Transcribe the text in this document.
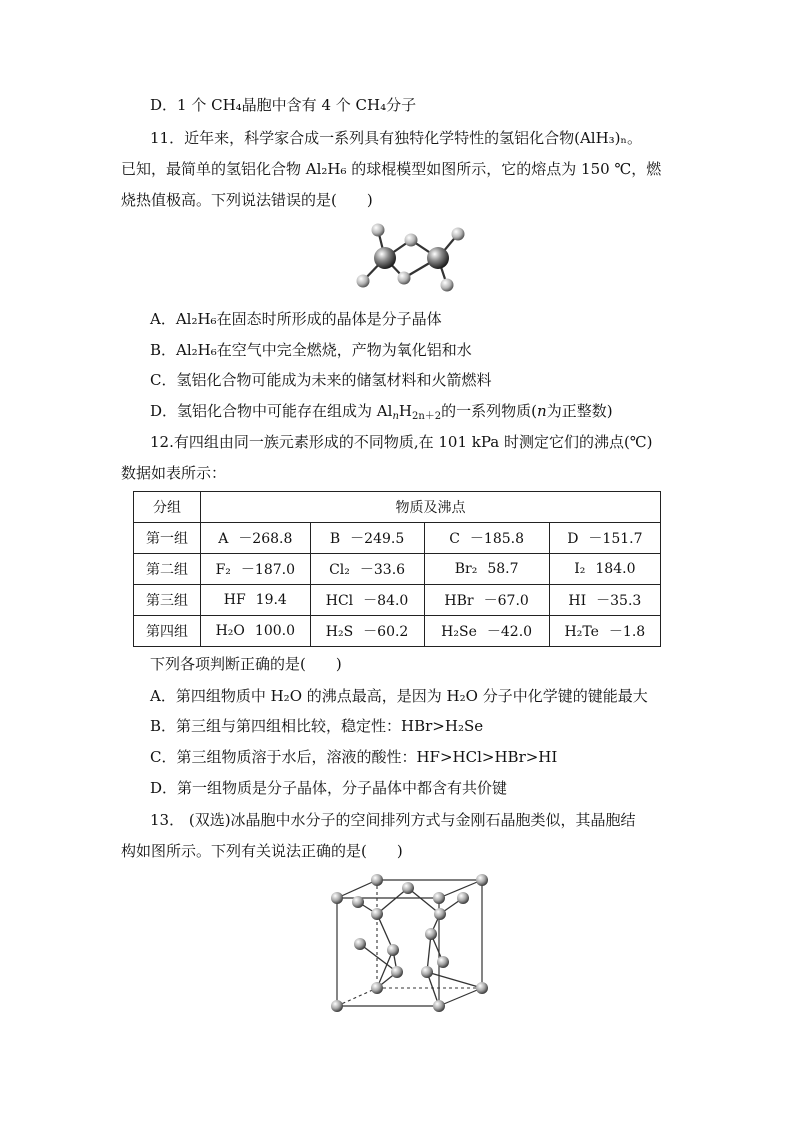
D．1 个 CH₄晶胞中含有 4 个 CH₄分子
11．近年来，科学家合成一系列具有独特化学特性的氢铝化合物(AlH₃)ₙ。
已知，最简单的氢铝化合物 Al₂H₆ 的球棍模型如图所示，它的熔点为 150 ℃，燃
烧热值极高。下列说法错误的是(　　)
A．Al₂H₆在固态时所形成的晶体是分子晶体
B．Al₂H₆在空气中完全燃烧，产物为氧化铝和水
C．氢铝化合物可能成为未来的储氢材料和火箭燃料
D．氢铝化合物中可能存在组成为 $Al_nH_{2n+2}$的一系列物质(n为正整数)
12.有四组由同一族元素形成的不同物质,在 101 kPa 时测定它们的沸点(℃)
数据如表所示：
分组	物质及沸点			
第一组	A －268.8	B －249.5	C －185.8	D －151.7
第二组	F₂ －187.0	Cl₂ －33.6	Br₂ 58.7	I₂ 184.0
第三组	HF 19.4	HCl －84.0	HBr －67.0	HI －35.3
第四组	H₂O 100.0	H₂S －60.2	H₂Se －42.0	H₂Te －1.8
下列各项判断正确的是(　　)
A．第四组物质中 H₂O 的沸点最高，是因为 H₂O 分子中化学键的键能最大
B．第三组与第四组相比较，稳定性：HBr>H₂Se
C．第三组物质溶于水后，溶液的酸性：HF>HCl>HBr>HI
D．第一组物质是分子晶体，分子晶体中都含有共价键
13． (双选)冰晶胞中水分子的空间排列方式与金刚石晶胞类似，其晶胞结
构如图所示。下列有关说法正确的是(　　)
